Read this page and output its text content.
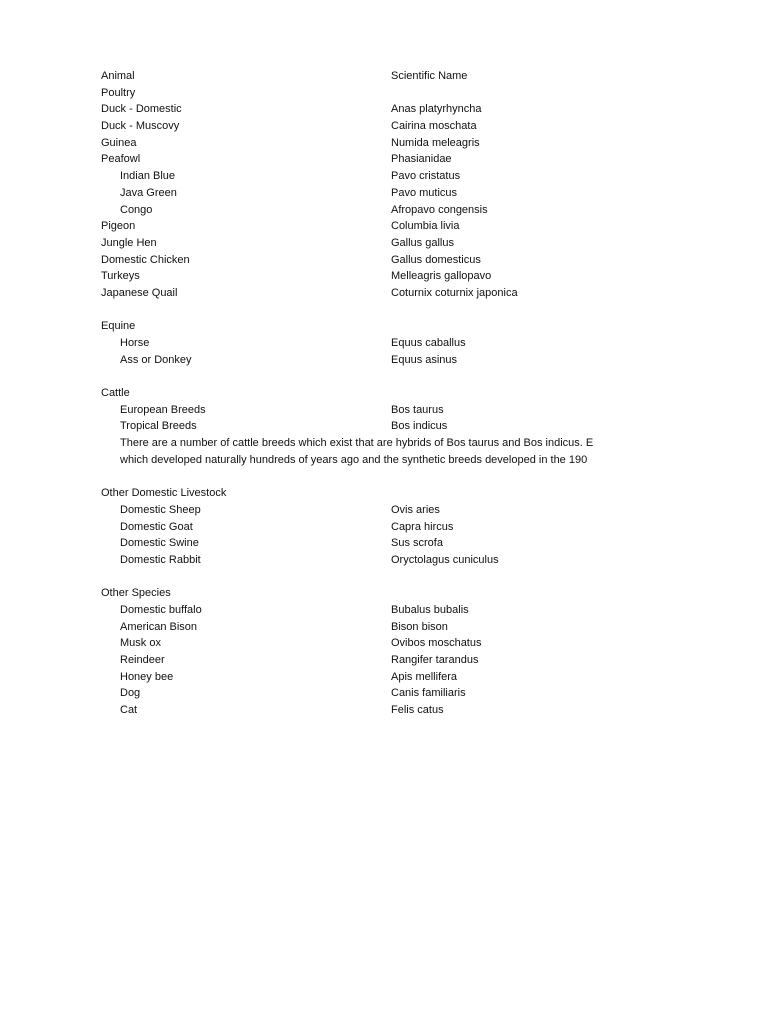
Animal	Scientific Name
Poultry
Duck - Domestic	Anas platyrhyncha
Duck - Muscovy	Cairina moschata
Guinea	Numida meleagris
Peafowl	Phasianidae
Indian Blue	Pavo cristatus
Java Green	Pavo muticus
Congo	Afropavo congensis
Pigeon	Columbia livia
Jungle Hen	Gallus gallus
Domestic Chicken	Gallus domesticus
Turkeys	Melleagris gallopavo
Japanese Quail	Coturnix coturnix japonica
Equine
Horse	Equus caballus
Ass or Donkey	Equus asinus
Cattle
European Breeds	Bos taurus
Tropical Breeds	Bos indicus
There are a number of cattle breeds which exist that are hybrids of Bos taurus and Bos indicus. E
which developed naturally hundreds of years ago and the synthetic breeds developed in the 190
Other Domestic Livestock
Domestic Sheep	Ovis aries
Domestic Goat	Capra hircus
Domestic Swine	Sus scrofa
Domestic Rabbit	Oryctolagus cuniculus
Other Species
Domestic buffalo	Bubalus bubalis
American Bison	Bison bison
Musk ox	Ovibos moschatus
Reindeer	Rangifer tarandus
Honey bee	Apis mellifera
Dog	Canis familiaris
Cat	Felis catus
